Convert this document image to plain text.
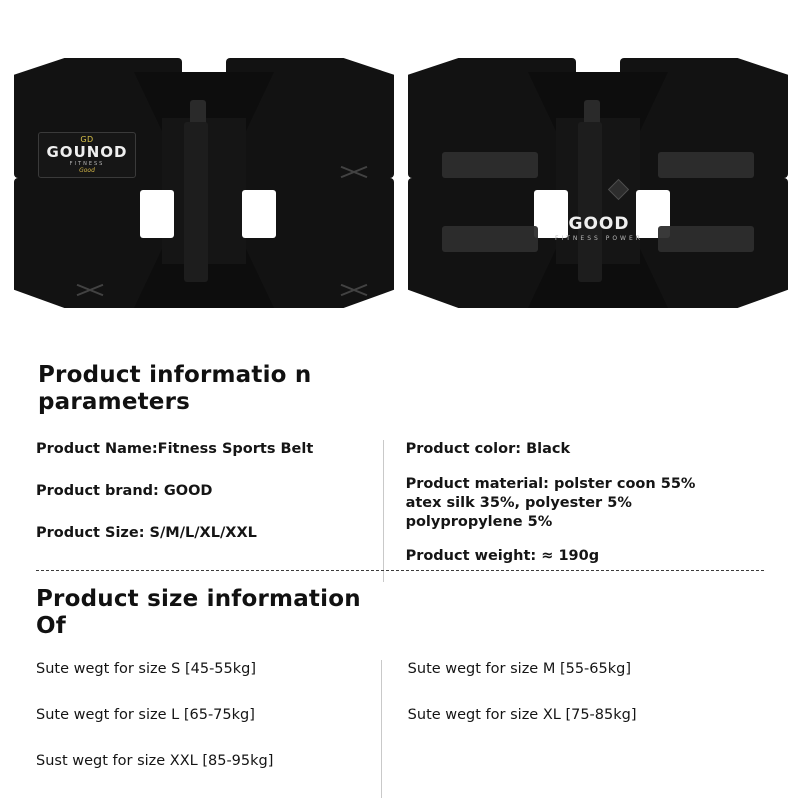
GD
GOUNOD
FITNESS
Good
GOOD
FITNESS POWER
Product informatio n parameters
Product Name:Fitness Sports Belt
Product brand: GOOD
Product Size: S/M/L/XL/XXL
Product color: Black
Product material: polster coon 55%
atex silk 35%, polyester 5%
polypropylene 5%
Product weight: ≈ 190g
Product size information Of
Sute wegt for size S [45-55kg]
Sute wegt for size L [65-75kg]
Sust wegt for size XXL [85-95kg]
Sute wegt for size M [55-65kg]
Sute wegt for size XL [75-85kg]
